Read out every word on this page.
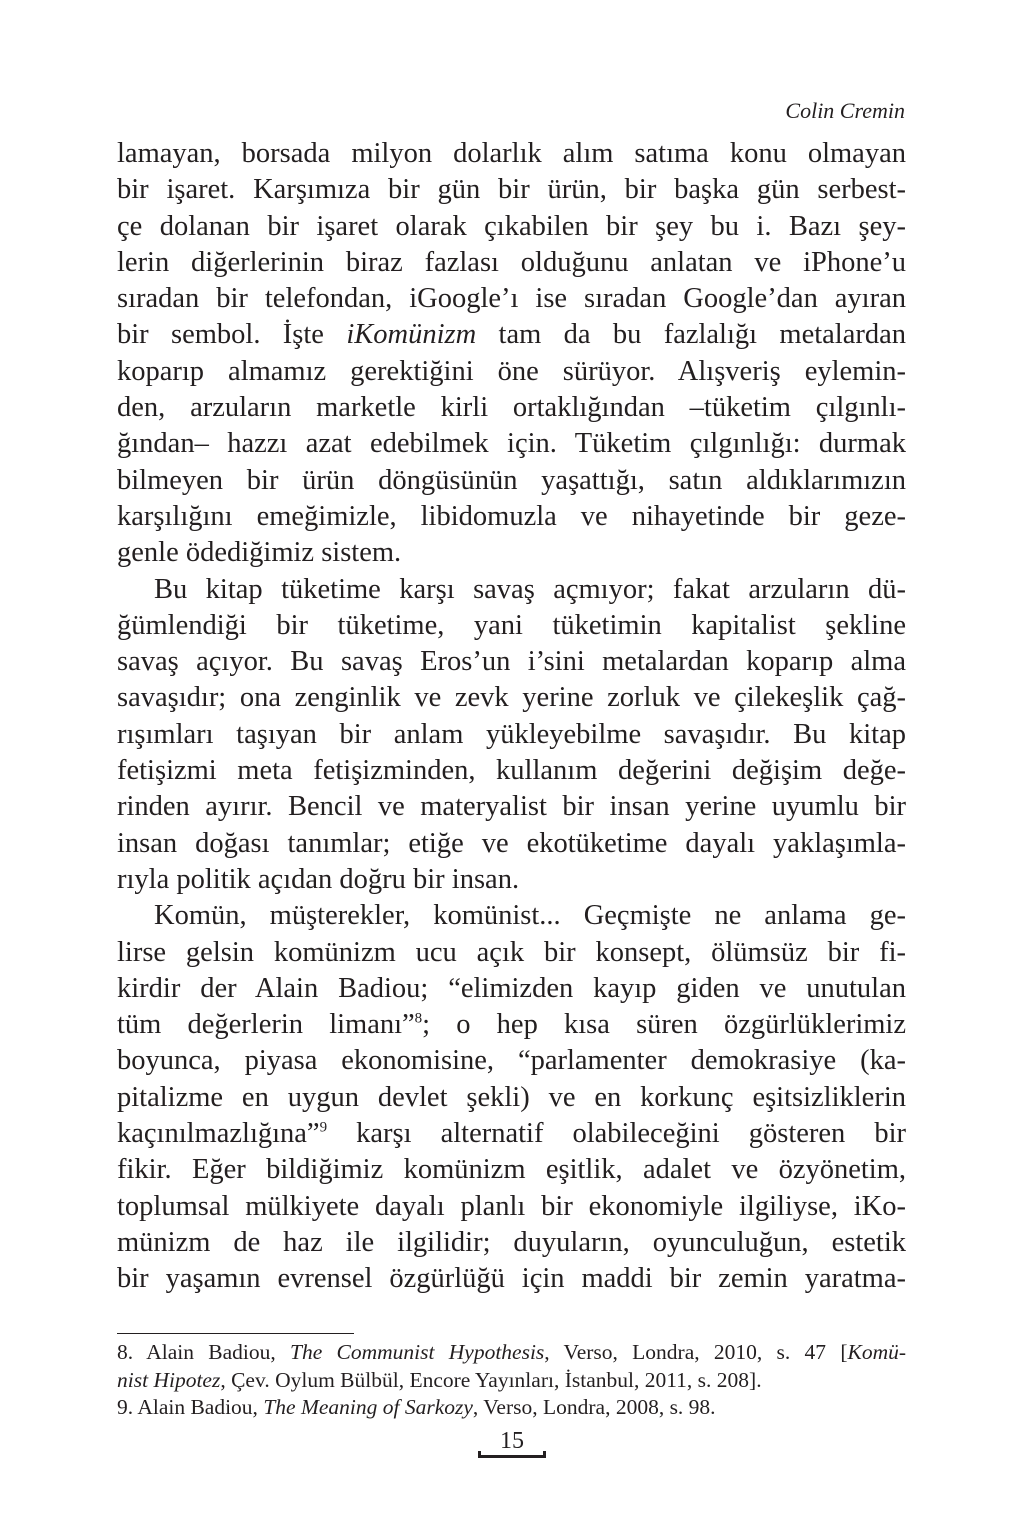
Colin Cremin
lamayan, borsada milyon dolarlık alım satıma konu olmayan
bir işaret. Karşımıza bir gün bir ürün, bir başka gün serbest-
çe dolanan bir işaret olarak çıkabilen bir şey bu i. Bazı şey-
lerin diğerlerinin biraz fazlası olduğunu anlatan ve iPhone’u
sıradan bir telefondan, iGoogle’ı ise sıradan Google’dan ayıran
bir sembol. İşte iKomünizm tam da bu fazlalığı metalardan
koparıp almamız gerektiğini öne sürüyor. Alışveriş eylemin-
den, arzuların marketle kirli ortaklığından –tüketim çılgınlı-
ğından– hazzı azat edebilmek için. Tüketim çılgınlığı: durmak
bilmeyen bir ürün döngüsünün yaşattığı, satın aldıklarımızın
karşılığını emeğimizle, libidomuzla ve nihayetinde bir geze-
genle ödediğimiz sistem.
Bu kitap tüketime karşı savaş açmıyor; fakat arzuların dü-
ğümlendiği bir tüketime, yani tüketimin kapitalist şekline
savaş açıyor. Bu savaş Eros’un i’sini metalardan koparıp alma
savaşıdır; ona zenginlik ve zevk yerine zorluk ve çilekeşlik çağ-
rışımları taşıyan bir anlam yükleyebilme savaşıdır. Bu kitap
fetişizmi meta fetişizminden, kullanım değerini değişim değe-
rinden ayırır. Bencil ve materyalist bir insan yerine uyumlu bir
insan doğası tanımlar; etiğe ve ekotüketime dayalı yaklaşımla-
rıyla politik açıdan doğru bir insan.
Komün, müşterekler, komünist... Geçmişte ne anlama ge-
lirse gelsin komünizm ucu açık bir konsept, ölümsüz bir fi-
kirdir der Alain Badiou; “elimizden kayıp giden ve unutulan
tüm değerlerin limanı”$^8$; o hep kısa süren özgürlüklerimiz
boyunca, piyasa ekonomisine, “parlamenter demokrasiye (ka-
pitalizme en uygun devlet şekli) ve en korkunç eşitsizliklerin
kaçınılmazlığına”$^9$ karşı alternatif olabileceğini gösteren bir
fikir. Eğer bildiğimiz komünizm eşitlik, adalet ve özyönetim,
toplumsal mülkiyete dayalı planlı bir ekonomiyle ilgiliyse, iKo-
münizm de haz ile ilgilidir; duyuların, oyunculuğun, estetik
bir yaşamın evrensel özgürlüğü için maddi bir zemin yaratma-
8. Alain Badiou, The Communist Hypothesis, Verso, Londra, 2010, s. 47 [Komü-
nist Hipotez, Çev. Oylum Bülbül, Encore Yayınları, İstanbul, 2011, s. 208].
9. Alain Badiou, The Meaning of Sarkozy, Verso, Londra, 2008, s. 98.
15
